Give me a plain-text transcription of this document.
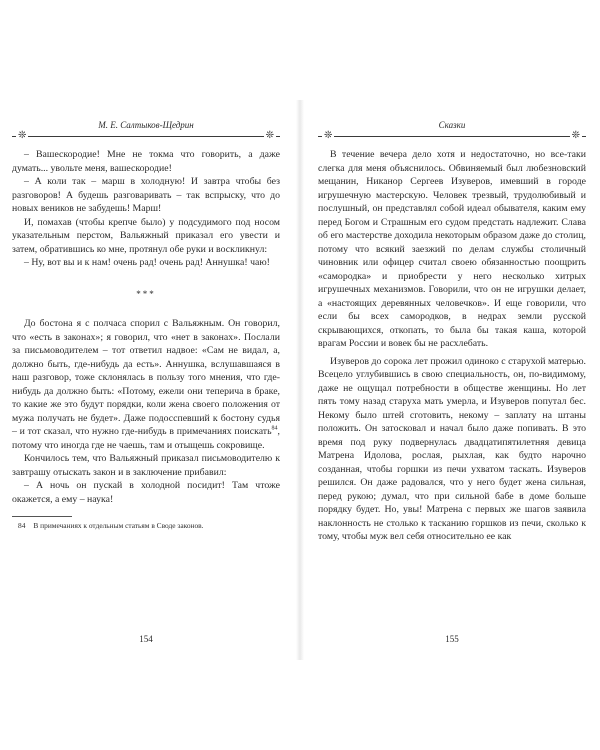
❊	❊
М. Е. Салтыков-Щедрин

– Вашескородие! Мне не токма что говорить, а даже думать... увольте меня, вашескородие!

– А коли так – марш в холодную! И завтра чтобы без разговоров! А будешь разговаривать – так вспрыску, что до новых веников не забудешь! Марш!

И, помахав (чтобы крепче было) у подсудимого под носом указательным перстом, Вальяжный приказал его увести и затем, обратившись ко мне, протянул обе руки и воскликнул:

– Ну, вот вы и к нам! очень рад! очень рад! Аннушка! чаю!

***

До бостона я с полчаса спорил с Вальяжным. Он говорил, что «есть в законах»; я говорил, что «нет в законах». Послали за письмоводителем – тот ответил надвое: «Сам не видал, а, должно быть, где-нибудь да есть». Аннушка, вслушавшаяся в наш разговор, тоже склонялась в пользу того мнения, что где-нибудь да должно быть: «Потому, ежели они теперича в браке, то какие же это будут порядки, коли жена своего положения от мужа получать не будет». Даже подосспевший к бостону судья – и тот сказал, что нужно где-нибудь в примечаниях поискать$^{84}$, потому что иногда где не чаешь, там и отыщешь сокровище.

Кончилось тем, что Вальяжный приказал письмоводителю к завтрашу отыскать закон и в заключение прибавил:

– А ночь он пускай в холодной посидит! Там чтоже окажется, а ему – наука!

84 В примечаниях к отдельным статьям в Своде законов.
154
❊	❊
Сказки

В течение вечера дело хотя и недостаточно, но все-таки слегка для меня объяснилось. Обвиняемый был любезновский мещанин, Никанор Сергеев Изуверов, имевший в городе игрушечную мастерскую. Человек трезвый, трудолюбивый и послушный, он представлял собой идеал обывателя, каким ему перед Богом и Страшным его судом предстать надлежит. Слава об его мастерстве доходила некоторым образом даже до столиц, потому что всякий заезжий по делам службы столичный чиновник или офицер считал своею обязанностью поощрить «самородка» и приобрести у него несколько хитрых игрушечных механизмов. Говорили, что он не игрушки делает, а «настоящих деревянных человечков». И еще говорили, что если бы всех самородков, в недрах земли русской скрывающихся, откопать, то была бы такая каша, которой врагам России и вовек бы не расхлебать.

Изуверов до сорока лет прожил одиноко с старухой матерью. Всецело углубившись в свою специальность, он, по-видимому, даже не ощущал потребности в обществе женщины. Но лет пять тому назад старуха мать умерла, и Изуверов попутал бес. Некому было штей сготовить, некому – заплату на штаны положить. Он затосковал и начал было даже попивать. В это время под руку подвернулась двадцатипятилетняя девица Матрена Идолова, рослая, рыхлая, как будто нарочно созданная, чтобы горшки из печи ухватом таскать. Изуверов решился. Он даже радовался, что у него будет жена сильная, перед рукою; думал, что при сильной бабе в доме больше порядку будет. Но, увы! Матрена с первых же шагов заявила наклонность не столько к тасканию горшков из печи, сколько к тому, чтобы муж вел себя относительно ее как

155
